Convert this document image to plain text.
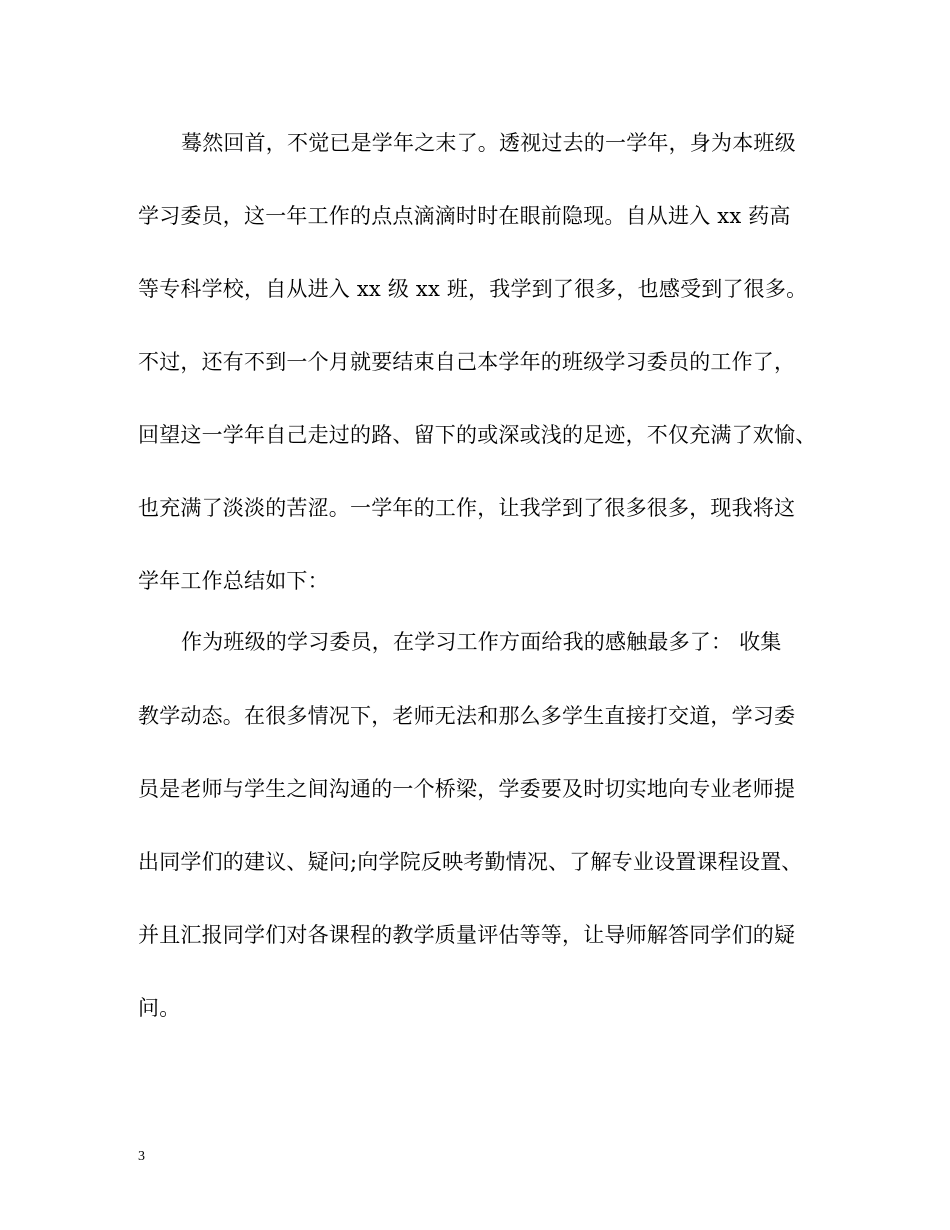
蓦然回首，不觉已是学年之末了。透视过去的一学年，身为本班级
学习委员，这一年工作的点点滴滴时时在眼前隐现。自从进入 xx 药高
等专科学校，自从进入 xx 级 xx 班，我学到了很多，也感受到了很多。
不过，还有不到一个月就要结束自己本学年的班级学习委员的工作了，
回望这一学年自己走过的路、留下的或深或浅的足迹，不仅充满了欢愉、
也充满了淡淡的苦涩。一学年的工作，让我学到了很多很多，现我将这
学年工作总结如下：
作为班级的学习委员，在学习工作方面给我的感触最多了： 收集
教学动态。在很多情况下，老师无法和那么多学生直接打交道，学习委
员是老师与学生之间沟通的一个桥梁，学委要及时切实地向专业老师提
出同学们的建议、疑问;向学院反映考勤情况、了解专业设置课程设置、
并且汇报同学们对各课程的教学质量评估等等，让导师解答同学们的疑
问。
3
